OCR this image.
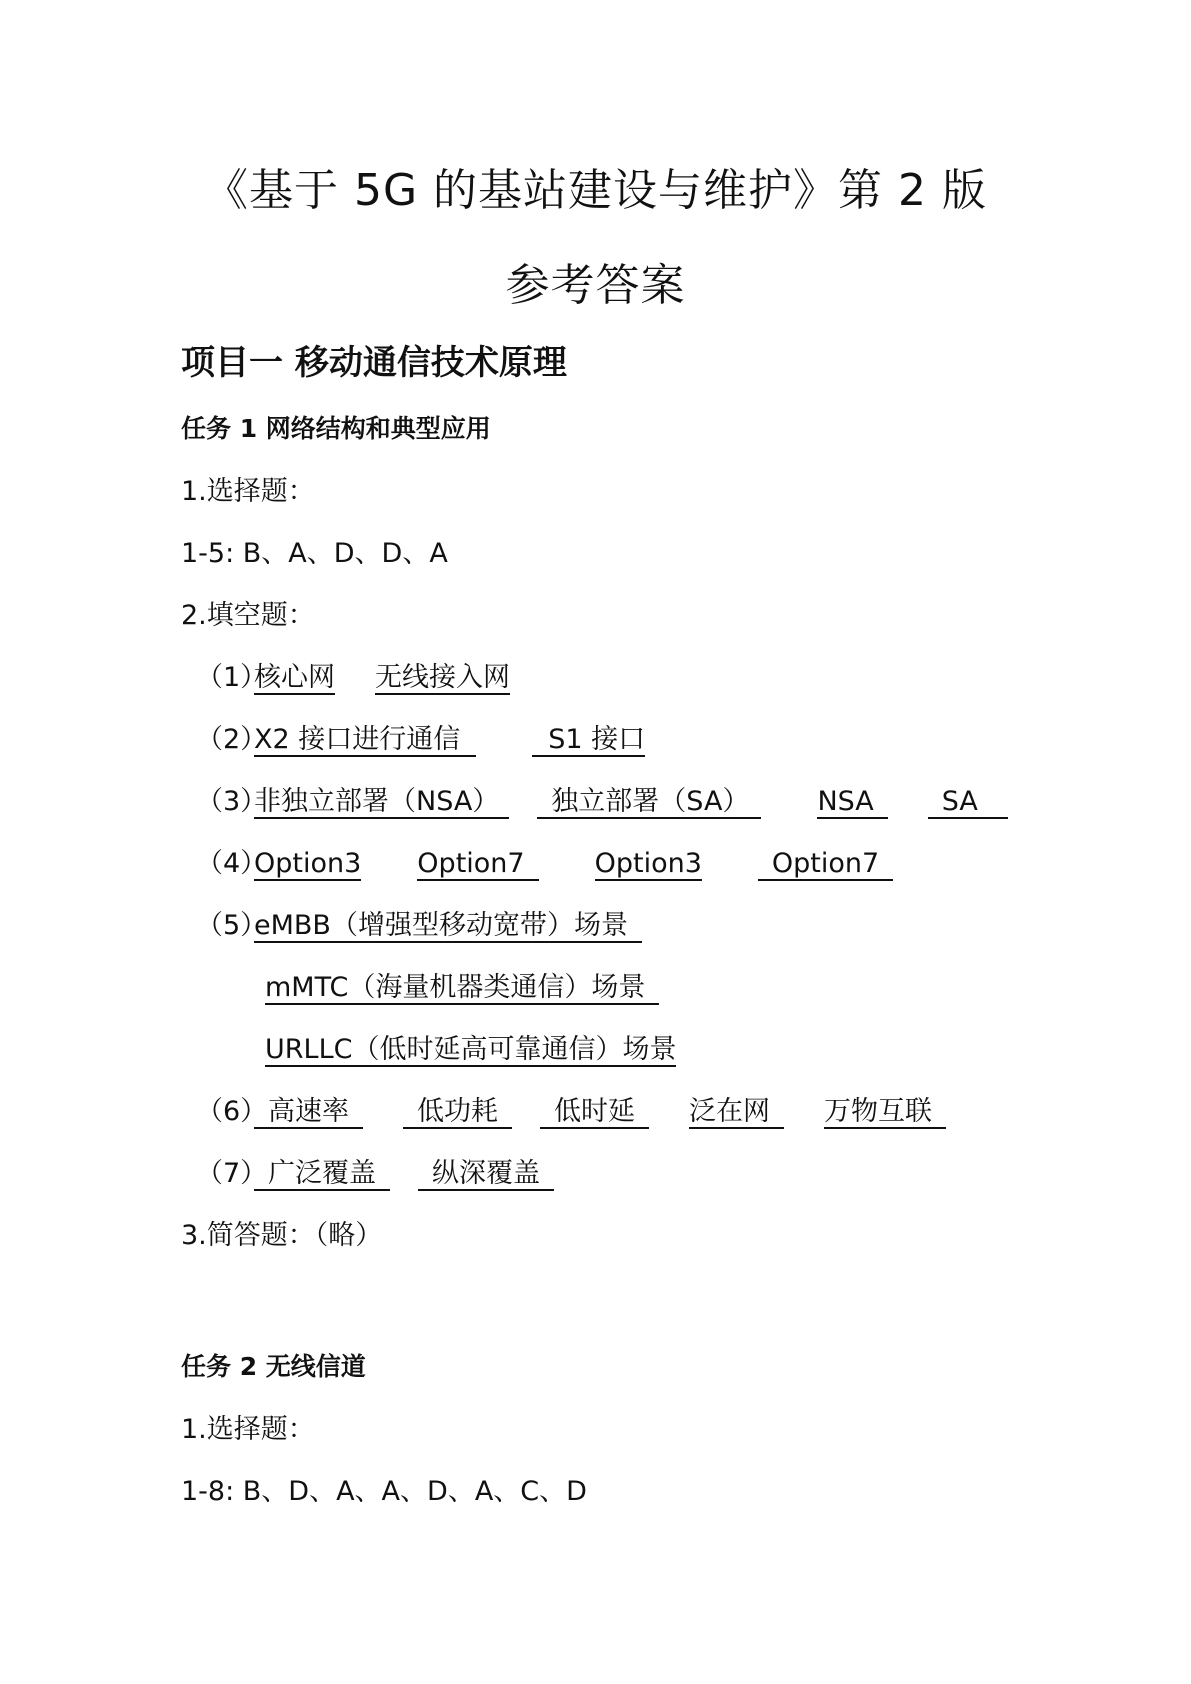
《基于 5G 的基站建设与维护》第 2 版
参考答案
项目一 移动通信技术原理
任务 1 网络结构和典型应用
1.选择题：
1-5: B、A、D、D、A
2.填空题：
（1）核心网 无线接入网
（2）X2 接口进行通信	S1 接口
（3）非独立部署（NSA） 独立部署（SA）	NSA	SA
（4）Option3 Option7	Option3	Option7
（5）eMBB（增强型移动宽带）场景
mMTC（海量机器类通信）场景
URLLC（低时延高可靠通信）场景
（6）高速率	低功耗 低时延 泛在网 万物互联
（7）广泛覆盖 纵深覆盖
3.简答题：（略）
任务 2 无线信道
1.选择题：
1-8: B、D、A、A、D、A、C、D
